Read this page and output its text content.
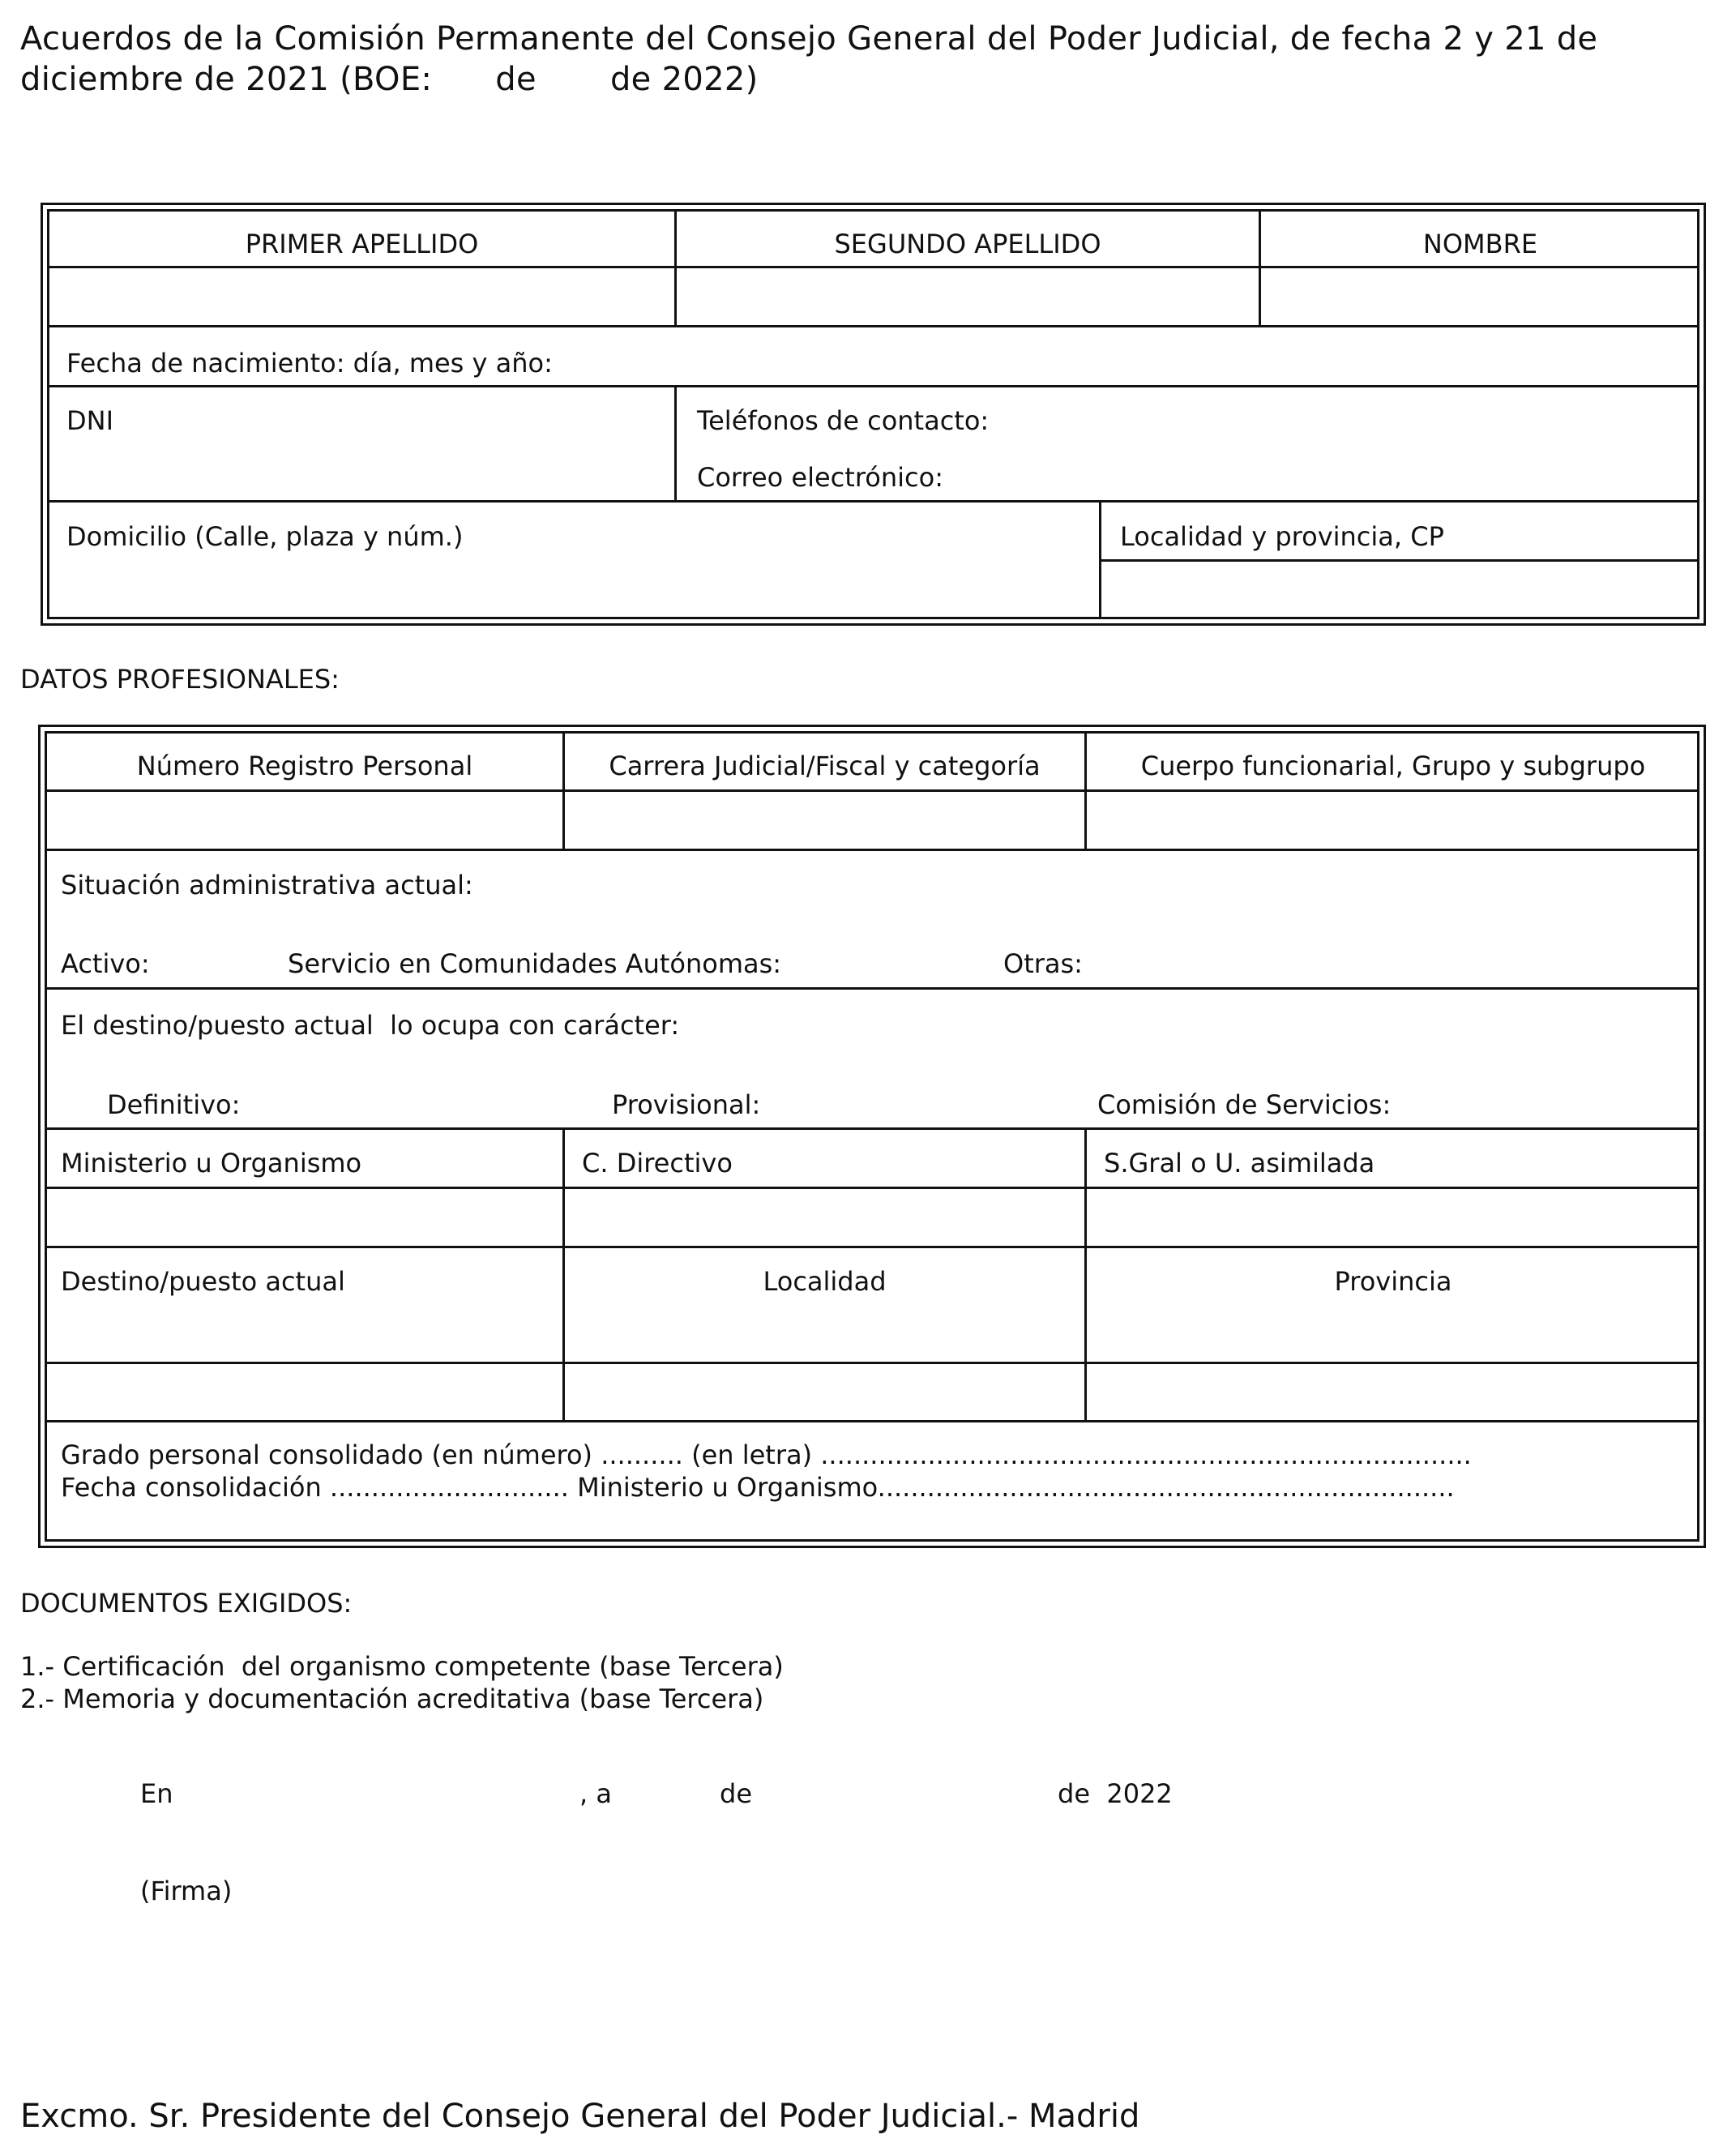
Acuerdos de la Comisión Permanente del Consejo General del Poder Judicial, de fecha 2 y 21 de
diciembre de 2021 (BOE:      de       de 2022)
PRIMER APELLIDO	SEGUNDO APELLIDO	NOMBRE
Fecha de nacimiento: día, mes y año:
DNI	Teléfonos de contacto:
Correo electrónico:
Domicilio (Calle, plaza y núm.)	Localidad y provincia, CP
DATOS PROFESIONALES:
Número Registro Personal	Carrera Judicial/Fiscal y categoría	Cuerpo funcionarial, Grupo y subgrupo
Situación administrativa actual:
Activo:	Servicio en Comunidades Autónomas:	Otras:
El destino/puesto actual  lo ocupa con carácter:
Definitivo:	Provisional:	Comisión de Servicios:
Ministerio u Organismo	C. Directivo	S.Gral o U. asimilada
Destino/puesto actual	Localidad	Provincia
Grado personal consolidado (en número) .......... (en letra) ...............................................................................
Fecha consolidación ............................. Ministerio u Organismo......................................................................
DOCUMENTOS EXIGIDOS:
1.- Certificación  del organismo competente (base Tercera)
2.- Memoria y documentación acreditativa (base Tercera)
En	, a	de	de  2022
(Firma)
Excmo. Sr. Presidente del Consejo General del Poder Judicial.- Madrid
